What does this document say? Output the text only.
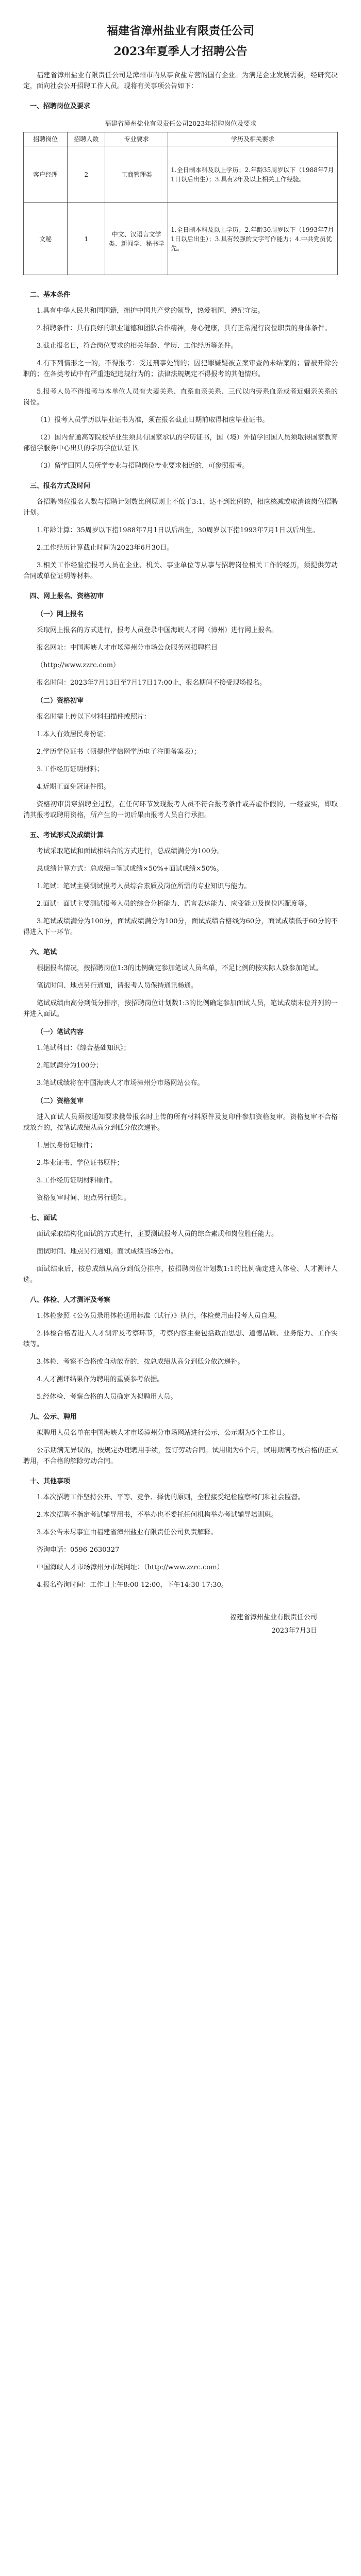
福建省漳州盐业有限责任公司
2023年夏季人才招聘公告

福建省漳州盐业有限责任公司是漳州市内从事食盐专营的国有企业。为满足企业发展需要，经研究决定，面向社会公开招聘工作人员。现将有关事项公告如下：

一、招聘岗位及要求
福建省漳州盐业有限责任公司2023年招聘岗位及要求
招聘岗位	招聘人数	专业要求	学历及相关要求
客户经理	2	工商管理类	1.全日制本科及以上学历；2.年龄35周岁以下（1988年7月1日以后出生）；3.具有2年及以上相关工作经验。
文秘	1	中文、汉语言文学类、新闻学、秘书学	1.全日制本科及以上学历；2.年龄30周岁以下（1993年7月1日以后出生）；3.具有较强的文字写作能力；4.中共党员优先。
二、基本条件

1.具有中华人民共和国国籍，拥护中国共产党的领导，热爱祖国，遵纪守法。

2.招聘条件：具有良好的职业道德和团队合作精神，身心健康，具有正常履行岗位职责的身体条件。

3.截止报名日，符合岗位要求的相关年龄、学历、工作经历等条件。

4.有下列情形之一的，不得报考：受过刑事处罚的；因犯罪嫌疑被立案审查尚未结案的；曾被开除公职的；在各类考试中有严重违纪违规行为的；法律法规规定不得报考的其他情形。

5.报考人员不得报考与本单位人员有夫妻关系、直系血亲关系、三代以内旁系血亲或者近姻亲关系的岗位。

（1）报考人员学历以毕业证书为准，须在报名截止日期前取得相应毕业证书。

（2）国内普通高等院校毕业生须具有国家承认的学历证书，国（境）外留学回国人员须取得国家教育部留学服务中心出具的学历学位认证书。

（3）留学回国人员所学专业与招聘岗位专业要求相近的，可参照报考。

三、报名方式及时间

各招聘岗位报名人数与招聘计划数比例原则上不低于3:1，达不到比例的，相应核减或取消该岗位招聘计划。

1.年龄计算：35周岁以下指1988年7月1日以后出生，30周岁以下指1993年7月1日以后出生。

2.工作经历计算截止时间为2023年6月30日。

3.相关工作经验指报考人员在企业、机关、事业单位等从事与招聘岗位相关工作的经历，须提供劳动合同或单位证明等材料。

四、网上报名、资格初审
（一）网上报名

采取网上报名的方式进行，报考人员登录中国海峡人才网（漳州）进行网上报名。

报名网址：中国海峡人才市场漳州分市场公众服务网招聘栏目

（http://www.zzrc.com）

报名时间：2023年7月13日至7月17日17:00止，报名期间不接受现场报名。

（二）资格初审

报名时需上传以下材料扫描件或照片：

1.本人有效居民身份证；

2.学历学位证书（须提供学信网学历电子注册备案表）；

3.工作经历证明材料；

4.近期正面免冠证件照。

资格初审贯穿招聘全过程，在任何环节发现报考人员不符合报考条件或弄虚作假的，一经查实，即取消其报考或聘用资格，所产生的一切后果由报考人员自行承担。

五、考试形式及成绩计算

考试采取笔试和面试相结合的方式进行，总成绩满分为100分。

总成绩计算方式：总成绩=笔试成绩×50%+面试成绩×50%。

1.笔试：笔试主要测试报考人员综合素质及岗位所需的专业知识与能力。

2.面试：面试主要测试报考人员的综合分析能力、语言表达能力、应变能力及岗位匹配度等。

3.笔试成绩满分为100分，面试成绩满分为100分，面试成绩合格线为60分，面试成绩低于60分的不得进入下一环节。

六、笔试

根据报名情况，按招聘岗位1:3的比例确定参加笔试人员名单，不足比例的按实际人数参加笔试。

笔试时间、地点另行通知，请报考人员保持通讯畅通。

笔试成绩由高分到低分排序，按招聘岗位计划数1:3的比例确定参加面试人员，笔试成绩末位并列的一并进入面试。

（一）笔试内容

1.笔试科目：《综合基础知识》；

2.笔试满分为100分；

3.笔试成绩将在中国海峡人才市场漳州分市场网站公布。

（二）资格复审

进入面试人员须按通知要求携带报名时上传的所有材料原件及复印件参加资格复审。资格复审不合格或放弃的，按笔试成绩从高分到低分依次递补。

1.居民身份证原件；

2.毕业证书、学位证书原件；

3.工作经历证明材料原件。

资格复审时间、地点另行通知。

七、面试

面试采取结构化面试的方式进行，主要测试报考人员的综合素质和岗位胜任能力。

面试时间、地点另行通知。面试成绩当场公布。

面试结束后，按总成绩从高分到低分排序，按招聘岗位计划数1:1的比例确定进入体检、人才测评人选。

八、体检、人才测评及考察

1.体检参照《公务员录用体检通用标准（试行）》执行，体检费用由报考人员自理。

2.体检合格者进入人才测评及考察环节，考察内容主要包括政治思想、道德品质、业务能力、工作实绩等。

3.体检、考察不合格或自动放弃的，按总成绩从高分到低分依次递补。

4.人才测评结果作为聘用的重要参考依据。

5.经体检、考察合格的人员确定为拟聘用人员。

九、公示、聘用

拟聘用人员名单在中国海峡人才市场漳州分市场网站进行公示，公示期为5个工作日。

公示期满无异议的，按规定办理聘用手续，签订劳动合同。试用期为6个月，试用期满考核合格的正式聘用，不合格的解除劳动合同。

十、其他事项

1.本次招聘工作坚持公开、平等、竞争、择优的原则，全程接受纪检监察部门和社会监督。

2.本次招聘不指定考试辅导用书，不举办也不委托任何机构举办考试辅导培训班。

3.本公告未尽事宜由福建省漳州盐业有限责任公司负责解释。

咨询电话：0596-2630327

中国海峡人才市场漳州分市场网址：（http://www.zzrc.com）

4.报名咨询时间：工作日上午8:00-12:00，下午14:30-17:30。

福建省漳州盐业有限责任公司
2023年7月3日
